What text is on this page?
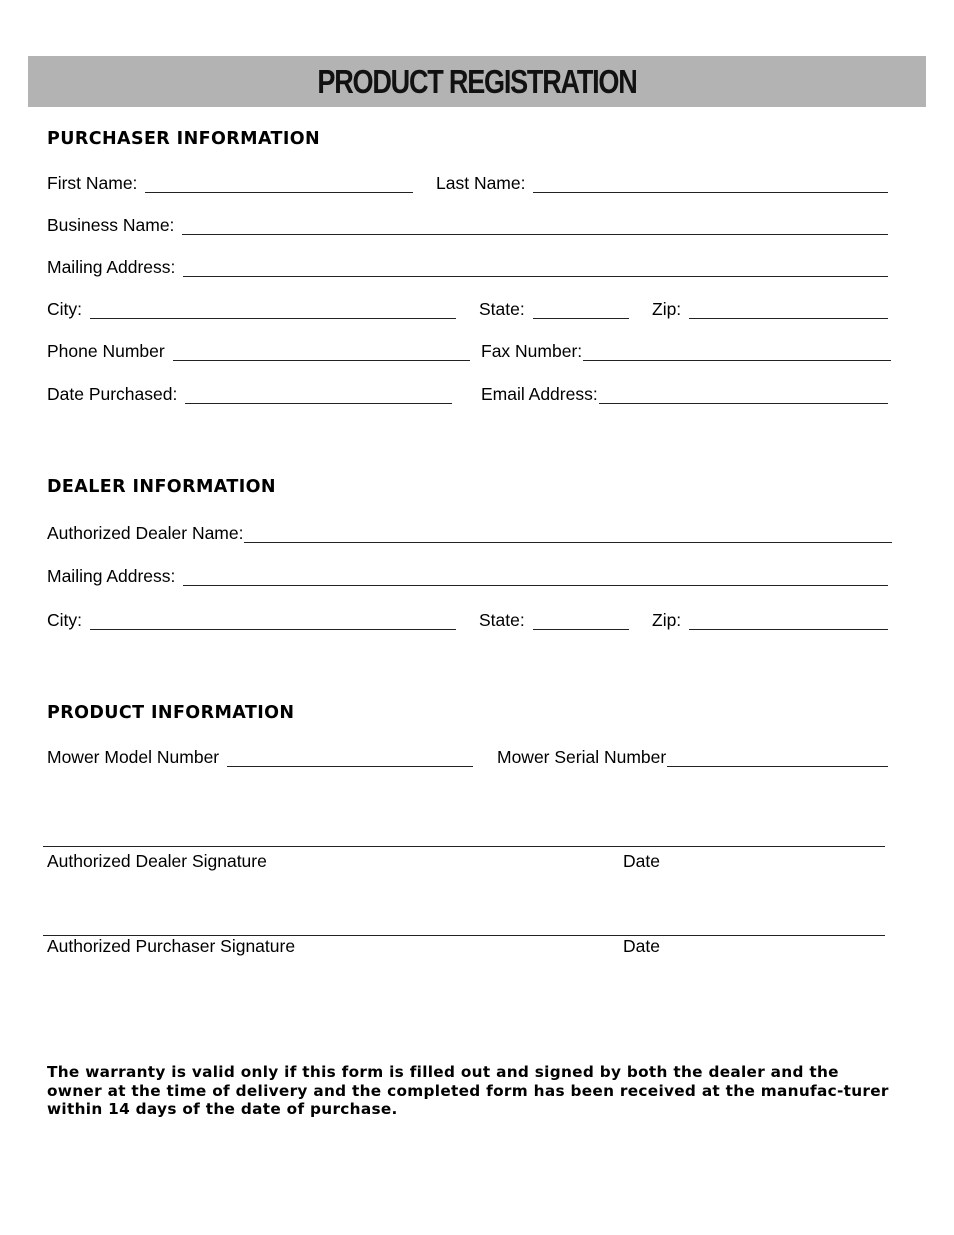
PRODUCT REGISTRATION
PURCHASER INFORMATION
First Name:	Last Name:
Business Name:
Mailing Address:
City:	State:	Zip:
Phone Number	Fax Number:
Date Purchased:	Email Address:
DEALER INFORMATION
Authorized Dealer Name:
Mailing Address:
City:	State:	Zip:
PRODUCT INFORMATION
Mower Model Number	Mower Serial Number
Authorized Dealer Signature	Date
Authorized Purchaser Signature	Date
The warranty is valid only if this form is filled out and signed by both the dealer and the owner at the time of delivery and the completed form has been received at the manufac-turer within 14 days of the date of purchase.
